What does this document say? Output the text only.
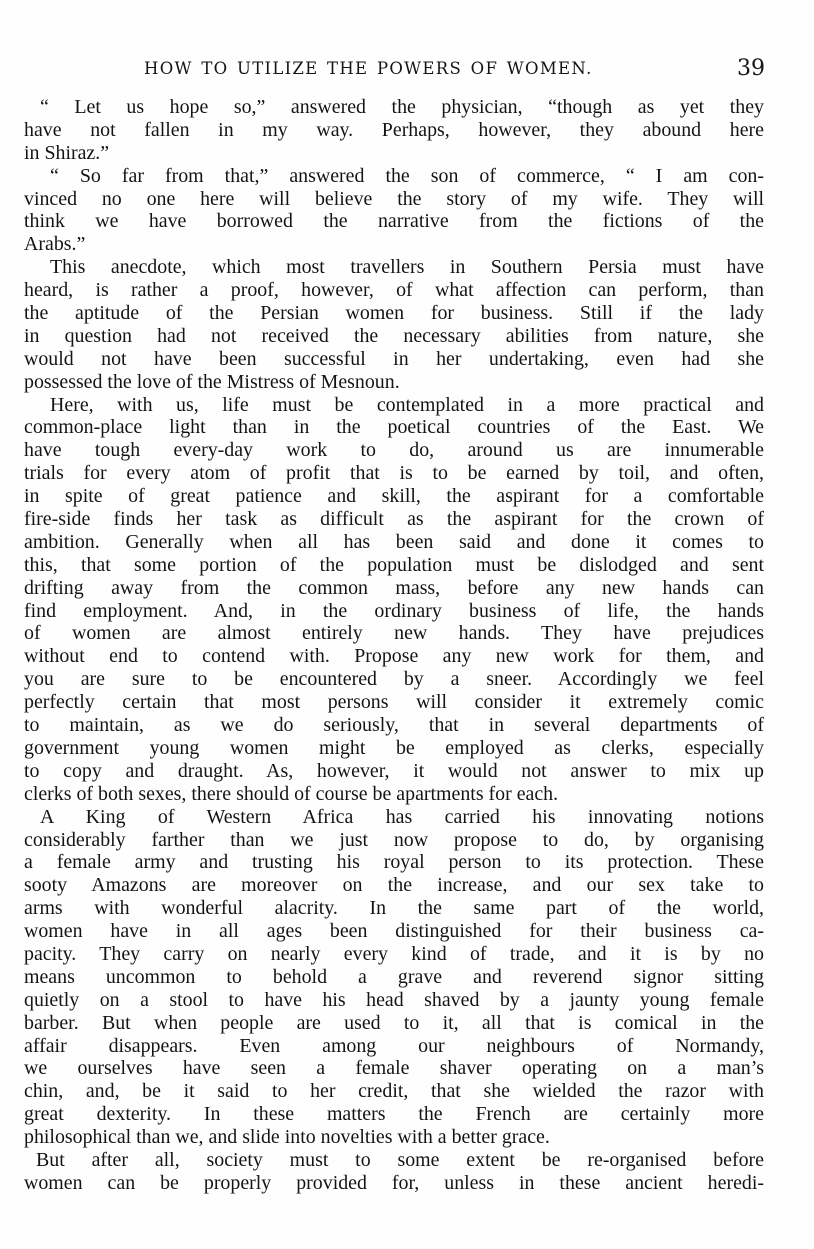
HOW TO UTILIZE THE POWERS OF WOMEN.	39
“ Let us hope so,” answered the physician, “though as yet they
have not fallen in my way. Perhaps, however, they abound here
in Shiraz.”
“ So far from that,” answered the son of commerce, “ I am con-
vinced no one here will believe the story of my wife. They will
think we have borrowed the narrative from the fictions of the
Arabs.”
This anecdote, which most travellers in Southern Persia must have
heard, is rather a proof, however, of what affection can perform, than
the aptitude of the Persian women for business. Still if the lady
in question had not received the necessary abilities from nature, she
would not have been successful in her undertaking, even had she
possessed the love of the Mistress of Mesnoun.
Here, with us, life must be contemplated in a more practical and
common-place light than in the poetical countries of the East. We
have tough every-day work to do, around us are innumerable
trials for every atom of profit that is to be earned by toil, and often,
in spite of great patience and skill, the aspirant for a comfortable
fire-side finds her task as difficult as the aspirant for the crown of
ambition. Generally when all has been said and done it comes to
this, that some portion of the population must be dislodged and sent
drifting away from the common mass, before any new hands can
find employment. And, in the ordinary business of life, the hands
of women are almost entirely new hands. They have prejudices
without end to contend with. Propose any new work for them, and
you are sure to be encountered by a sneer. Accordingly we feel
perfectly certain that most persons will consider it extremely comic
to maintain, as we do seriously, that in several departments of
government young women might be employed as clerks, especially
to copy and draught. As, however, it would not answer to mix up
clerks of both sexes, there should of course be apartments for each.
A King of Western Africa has carried his innovating notions
considerably farther than we just now propose to do, by organising
a female army and trusting his royal person to its protection. These
sooty Amazons are moreover on the increase, and our sex take to
arms with wonderful alacrity. In the same part of the world,
women have in all ages been distinguished for their business ca-
pacity. They carry on nearly every kind of trade, and it is by no
means uncommon to behold a grave and reverend signor sitting
quietly on a stool to have his head shaved by a jaunty young female
barber. But when people are used to it, all that is comical in the
affair disappears. Even among our neighbours of Normandy,
we ourselves have seen a female shaver operating on a man’s
chin, and, be it said to her credit, that she wielded the razor with
great dexterity. In these matters the French are certainly more
philosophical than we, and slide into novelties with a better grace.
But after all, society must to some extent be re-organised before
women can be properly provided for, unless in these ancient heredi-
